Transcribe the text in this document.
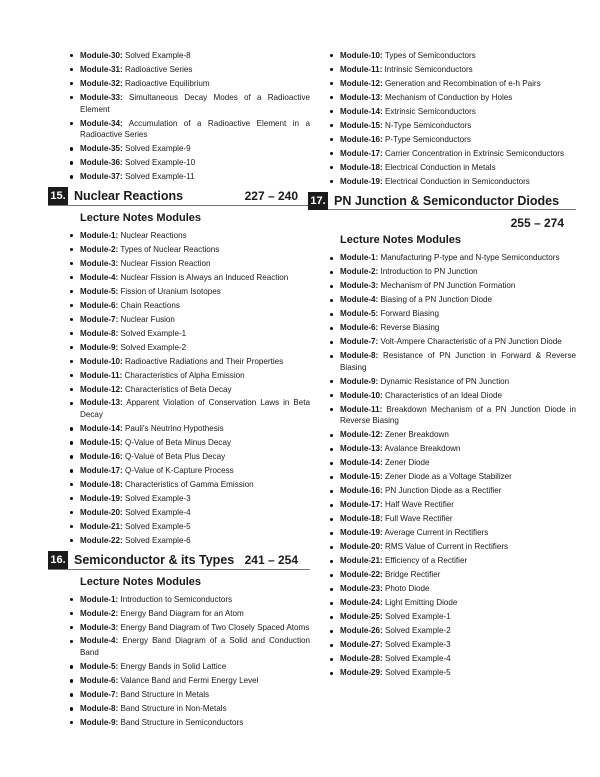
Module-30: Solved Example-8
Module-31: Radioactive Series
Module-32: Radioactive Equilibrium
Module-33: Simultaneous Decay Modes of a Radioactive Element
Module-34: Accumulation of a Radioactive Element in a Radioactive Series
Module-35: Solved Example-9
Module-36: Solved Example-10
Module-37: Solved Example-11
15. Nuclear Reactions	227 – 240
Lecture Notes Modules
Module-1: Nuclear Reactions
Module-2: Types of Nuclear Reactions
Module-3: Nuclear Fission Reaction
Module-4: Nuclear Fission is Always an Induced Reaction
Module-5: Fission of Uranium Isotopes
Module-6: Chain Reactions
Module-7: Nuclear Fusion
Module-8: Solved Example-1
Module-9: Solved Example-2
Module-10: Radioactive Radiations and Their Properties
Module-11: Characteristics of Alpha Emission
Module-12: Characteristics of Beta Decay
Module-13: Apparent Violation of Conservation Laws in Beta Decay
Module-14: Pauli's Neutrino Hypothesis
Module-15: Q-Value of Beta Minus Decay
Module-16: Q-Value of Beta Plus Decay
Module-17: Q-Value of K-Capture Process
Module-18: Characteristics of Gamma Emission
Module-19: Solved Example-3
Module-20: Solved Example-4
Module-21: Solved Example-5
Module-22: Solved Example-6
16. Semiconductor & its Types 241 – 254
Lecture Notes Modules
Module-1: Introduction to Semiconductors
Module-2: Energy Band Diagram for an Atom
Module-3: Energy Band Diagram of Two Closely Spaced Atoms
Module-4: Energy Band Diagram of a Solid and Conduction Band
Module-5: Energy Bands in Solid Lattice
Module-6: Valance Band and Fermi Energy Level
Module-7: Band Structure in Metals
Module-8: Band Structure in Non-Metals
Module-9: Band Structure in Semiconductors
Module-10: Types of Semiconductors
Module-11: Intrinsic Semiconductors
Module-12: Generation and Recombination of e-h Pairs
Module-13: Mechanism of Conduction by Holes
Module-14: Extrinsic Semiconductors
Module-15: N-Type Semiconductors
Module-16: P-Type Semiconductors
Module-17: Carrier Concentration in Extrinsic Semiconductors
Module-18: Electrical Conduction in Metals
Module-19: Electrical Conduction in Semiconductors
17. PN Junction & Semiconductor Diodes
255 – 274
Lecture Notes Modules
Module-1: Manufacturing P-type and N-type Semiconductors
Module-2: Introduction to PN Junction
Module-3: Mechanism of PN Junction Formation
Module-4: Biasing of a PN Junction Diode
Module-5: Forward Biasing
Module-6: Reverse Biasing
Module-7: Volt-Ampere Characteristic of a PN Junction Diode
Module-8: Resistance of PN Junction in Forward & Reverse Biasing
Module-9: Dynamic Resistance of PN Junction
Module-10: Characteristics of an Ideal Diode
Module-11: Breakdown Mechanism of a PN Junction Diode in Reverse Biasing
Module-12: Zener Breakdown
Module-13: Avalance Breakdown
Module-14: Zener Diode
Module-15: Zener Diode as a Voltage Stabilizer
Module-16: PN Junction Diode as a Rectifier
Module-17: Half Wave Rectifier
Module-18: Full Wave Rectifier
Module-19: Average Current in Rectifiers
Module-20: RMS Value of Current in Rectifiers
Module-21: Efficiency of a Rectifier
Module-22: Bridge Rectifier
Module-23: Photo Diode
Module-24: Light Emitting Diode
Module-25: Solved Example-1
Module-26: Solved Example-2
Module-27: Solved Example-3
Module-28: Solved Example-4
Module-29: Solved Example-5
